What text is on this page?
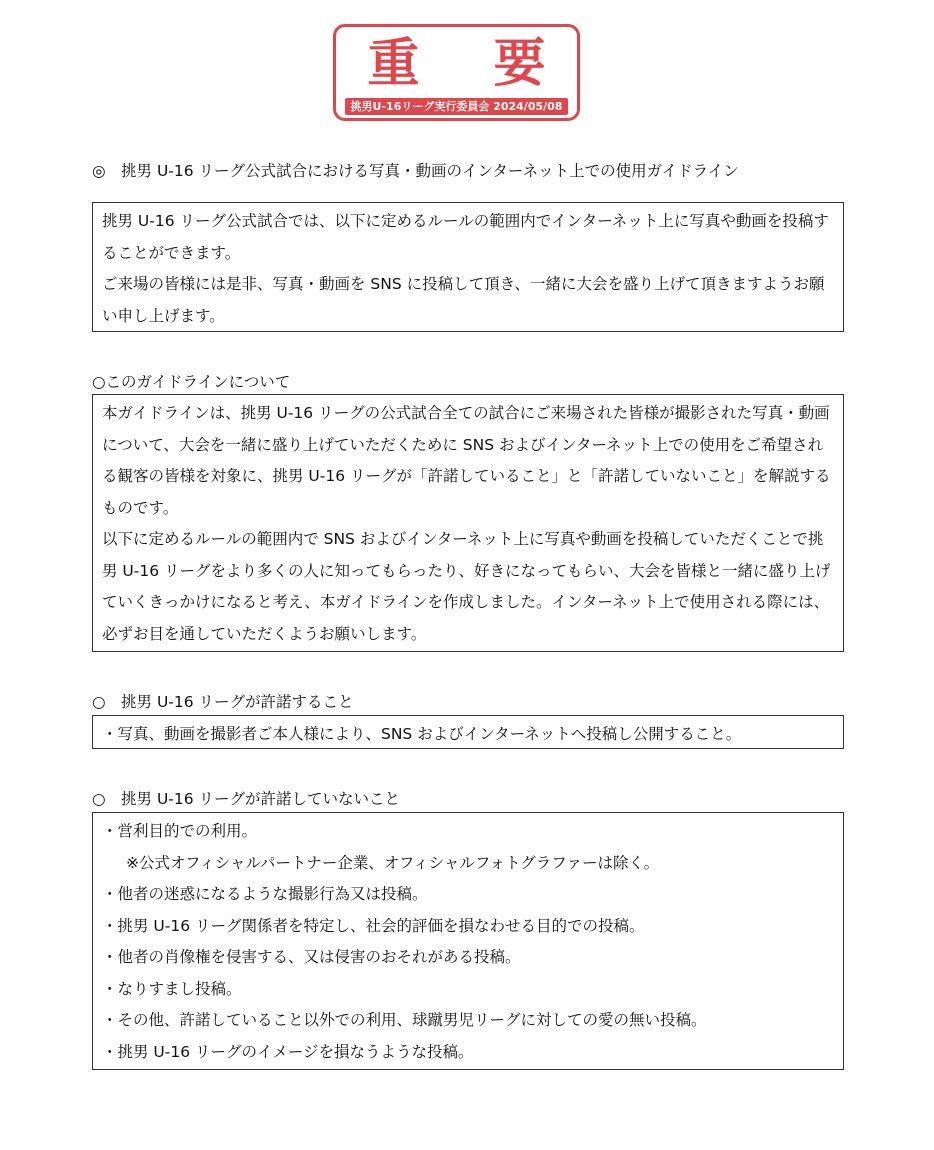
重 要
挑男U-16リーグ実行委員会 2024/05/08
◎　挑男 U-16 リーグ公式試合における写真・動画のインターネット上での使用ガイドライン

挑男 U-16 リーグ公式試合では、以下に定めるルールの範囲内でインターネット上に写真や動画を投稿することができます。

ご来場の皆様には是非、写真・動画を SNS に投稿して頂き、一緒に大会を盛り上げて頂きますようお願い申し上げます。

○このガイドラインについて

本ガイドラインは、挑男 U-16 リーグの公式試合全ての試合にご来場された皆様が撮影された写真・動画について、大会を一緒に盛り上げていただくために SNS およびインターネット上での使用をご希望される観客の皆様を対象に、挑男 U-16 リーグが「許諾していること」と「許諾していないこと」を解説するものです。

以下に定めるルールの範囲内で SNS およびインターネット上に写真や動画を投稿していただくことで挑男 U-16 リーグをより多くの人に知ってもらったり、好きになってもらい、大会を皆様と一緒に盛り上げていくきっかけになると考え、本ガイドラインを作成しました。インターネット上で使用される際には、必ずお目を通していただくようお願いします。

○　挑男 U-16 リーグが許諾すること

・写真、動画を撮影者ご本人様により、SNS およびインターネットへ投稿し公開すること。

○　挑男 U-16 リーグが許諾していないこと

・営利目的での利用。

※公式オフィシャルパートナー企業、オフィシャルフォトグラファーは除く。

・他者の迷惑になるような撮影行為又は投稿。

・挑男 U-16 リーグ関係者を特定し、社会的評価を損なわせる目的での投稿。

・他者の肖像権を侵害する、又は侵害のおそれがある投稿。

・なりすまし投稿。

・その他、許諾していること以外での利用、球蹴男児リーグに対しての愛の無い投稿。

・挑男 U-16 リーグのイメージを損なうような投稿。
